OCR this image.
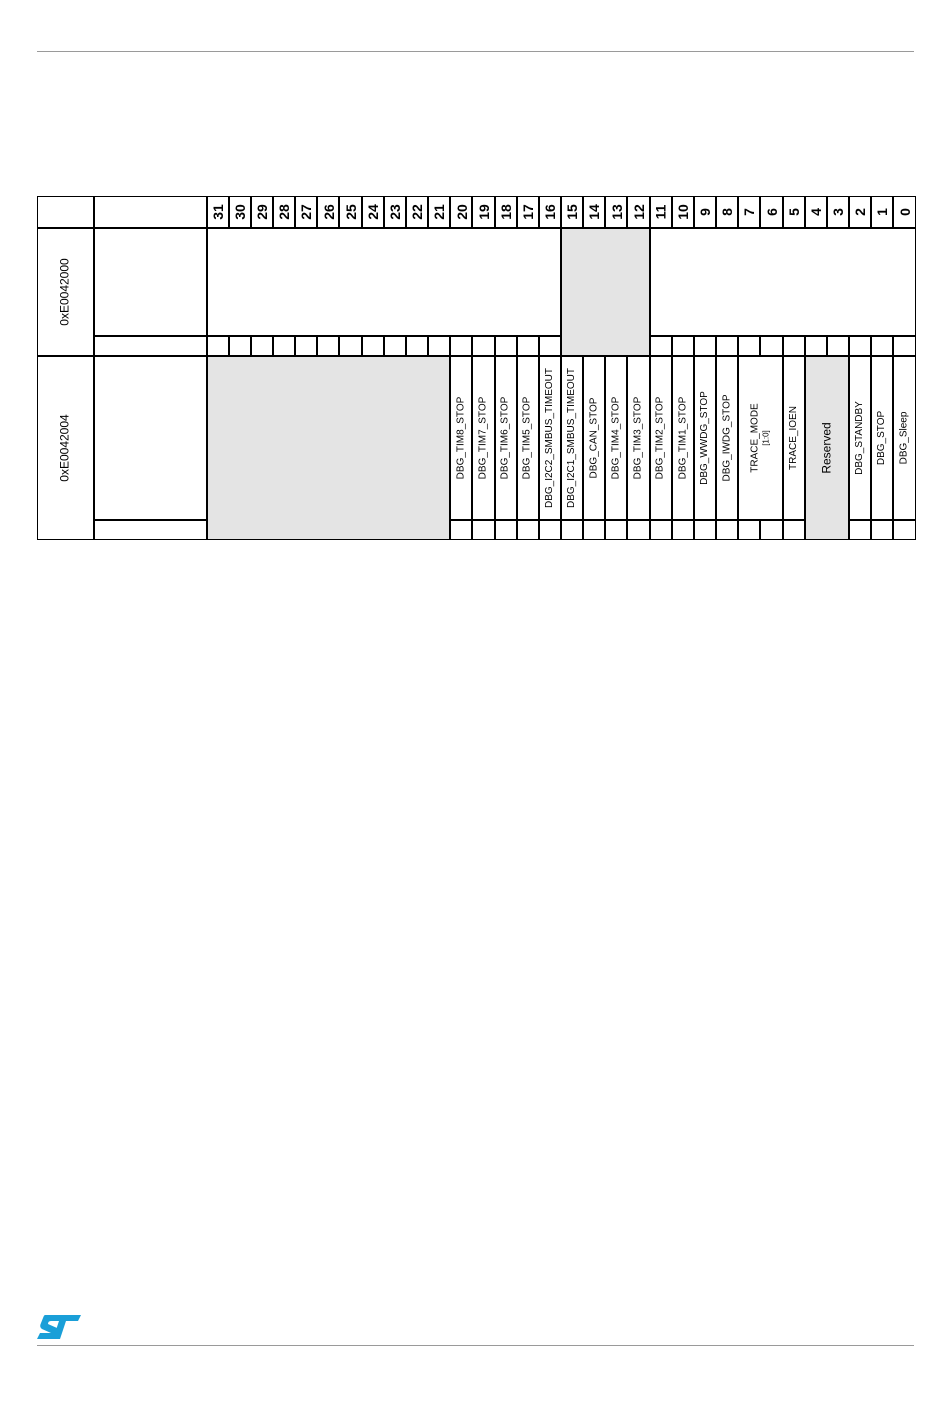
31 30 29 28 27 26 25 24 23 22 21 20 19 18 17 16 15 14 13 12 11 10 9 8 7 6 5 4 3 2 1 0
0xE0042000
0xE0042004	DBG_TIM8_STOP DBG_TIM7_STOP DBG_TIM6_STOP DBG_TIM5_STOP DBG_I2C2_SMBUS_TIMEOUT DBG_I2C1_SMBUS_TIMEOUT DBG_CAN_STOP DBG_TIM4_STOP DBG_TIM3_STOP DBG_TIM2_STOP DBG_TIM1_STOP DBG_WWDG_STOP DBG_IWDG_STOP	DBG_STANDBY DBG_STOP DBG_Sleep
TRACE_MODE [1:0] TRACE_IOEN Reserved
